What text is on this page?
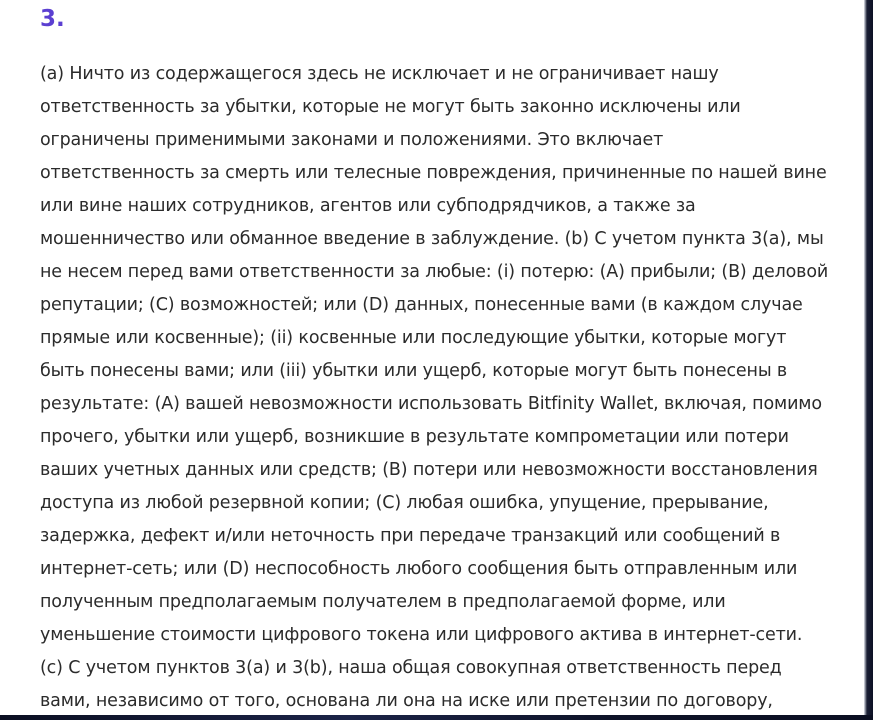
3.

(a) Ничто из содержащегося здесь не исключает и не ограничивает нашу
ответственность за убытки, которые не могут быть законно исключены или
ограничены применимыми законами и положениями. Это включает
ответственность за смерть или телесные повреждения, причиненные по нашей вине
или вине наших сотрудников, агентов или субподрядчиков, а также за
мошенничество или обманное введение в заблуждение. (b) С учетом пункта 3(а), мы
не несем перед вами ответственности за любые: (i) потерю: (А) прибыли; (В) деловой
репутации; (С) возможностей; или (D) данных, понесенные вами (в каждом случае
прямые или косвенные); (ii) косвенные или последующие убытки, которые могут
быть понесены вами; или (iii) убытки или ущерб, которые могут быть понесены в
результате: (А) вашей невозможности использовать Bitfinity Wallet, включая, помимо
прочего, убытки или ущерб, возникшие в результате компрометации или потери
ваших учетных данных или средств; (В) потери или невозможности восстановления
доступа из любой резервной копии; (С) любая ошибка, упущение, прерывание,
задержка, дефект и/или неточность при передаче транзакций или сообщений в
интернет-сеть; или (D) неспособность любого сообщения быть отправленным или
полученным предполагаемым получателем в предполагаемой форме, или
уменьшение стоимости цифрового токена или цифрового актива в интернет-сети.
(с) С учетом пунктов 3(а) и 3(b), наша общая совокупная ответственность перед
вами, независимо от того, основана ли она на иске или претензии по договору,
